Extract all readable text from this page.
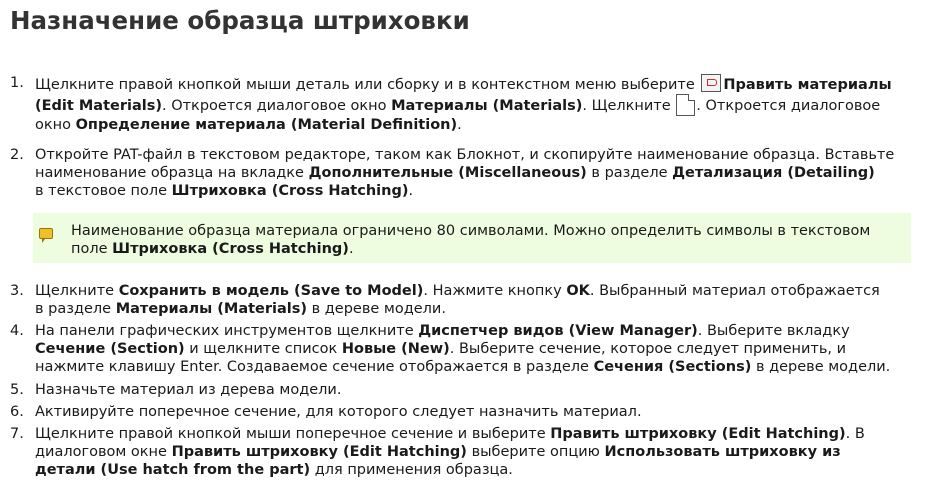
Назначение образца штриховки
1. Щелкните правой кнопкой мыши деталь или сборку и в контекстном меню выберите Править материалы
(Edit Materials). Откроется диалоговое окно Материалы (Materials). Щелкните . Откроется диалоговое
окно Определение материала (Material Definition).
2. Откройте PAT-файл в текстовом редакторе, таком как Блокнот, и скопируйте наименование образца. Вставьте
наименование образца на вкладке Дополнительные (Miscellaneous) в разделе Детализация (Detailing)
в текстовое поле Штриховка (Cross Hatching).
3. Щелкните Сохранить в модель (Save to Model). Нажмите кнопку OK. Выбранный материал отображается
в разделе Материалы (Materials) в дереве модели.
4. На панели графических инструментов щелкните Диспетчер видов (View Manager). Выберите вкладку
Сечение (Section) и щелкните список Новые (New). Выберите сечение, которое следует применить, и
нажмите клавишу Enter. Создаваемое сечение отображается в разделе Сечения (Sections) в дереве модели.
5. Назначьте материал из дерева модели.
6. Активируйте поперечное сечение, для которого следует назначить материал.
7. Щелкните правой кнопкой мыши поперечное сечение и выберите Править штриховку (Edit Hatching). В
диалоговом окне Править штриховку (Edit Hatching) выберите опцию Использовать штриховку из
детали (Use hatch from the part) для применения образца.
Наименование образца материала ограничено 80 символами. Можно определить символы в текстовом
поле Штриховка (Cross Hatching).
